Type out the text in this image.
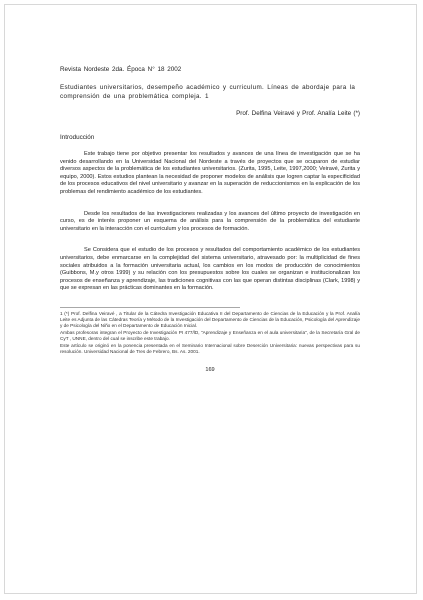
Revista Nordeste 2da. Época N° 18 2002

Estudiantes universitarios, desempeño académico y curriculum. Líneas de abordaje para la comprensión de una problemática compleja. 1

Prof. Delfina Veiravé y Prof. Analía Leite (*)

Introducción

Este trabajo tiene por objetivo presentar los resultados y avances de una línea de investigación que se ha venido desarrollando en la Universidad Nacional del Nordeste a través de proyectos que se ocuparon de estudiar diversos aspectos de la problemática de los estudiantes universitarios. (Zurita, 1995, Leite, 1997,2000; Veiravé, Zurita y equipo, 2000). Estos estudios plantean la necesidad de proponer modelos de análisis que logren captar la especificidad de los procesos educativos del nivel universitario y avanzar en la superación de reduccionismos en la explicación de los problemas del rendimiento académico de los estudiantes.

Desde los resultados de las investigaciones realizadas y los avances del último proyecto de investigación en curso, es de interés proponer un esquema de análisis para la comprensión de la problemática del estudiante universitario en la interacción con el curriculum y los procesos de formación.

Se Considera que el estudio de los procesos y resultados del comportamiento académico de los estudiantes universitarios, debe enmarcarse en la complejidad del sistema universitario, atravesado por: la multiplicidad de fines sociales atribuidos a la formación universitaria actual, los cambios en los modos de producción de conocimientos (Guibbons, M.y otros 1999) y su relación con los presupuestos sobre los cuales se organizan e institucionalizan los procesos de enseñanza y aprendizaje, las tradiciones cognitivas con las que operan distintas disciplinas (Clark, 1998) y que se expresan en las prácticas dominantes en la formación.

1 (*) Prof. Delfina Veiravé , a Titular de la Cátedra Investigación Educativa II del Departamento de Ciencias de la Educación y la Prof. Analía Leite es Adjunta de las Cátedras Teoría y Método de la Investigación del Departamento de Ciencias de la Educación, Psicología del Aprendizaje y de Psicología del Niño en el Departamento de Educación Inicial.

Ambas profesoras integran el Proyecto de Investigación PI 477/lD, "Aprendizaje y Enseñanza en el aula universitaria", de la Secretaría Gral de CyT , UNNE, dentro del cual se inscribe este trabajo.

Este artículo se originó en la ponencia presentada en el Seminario Internacional sobre Deserción Universitaria: nuevas perspectivas para su resolución. Universidad Nacional de Tres de Febrero, Bs. As. 2001.

169
